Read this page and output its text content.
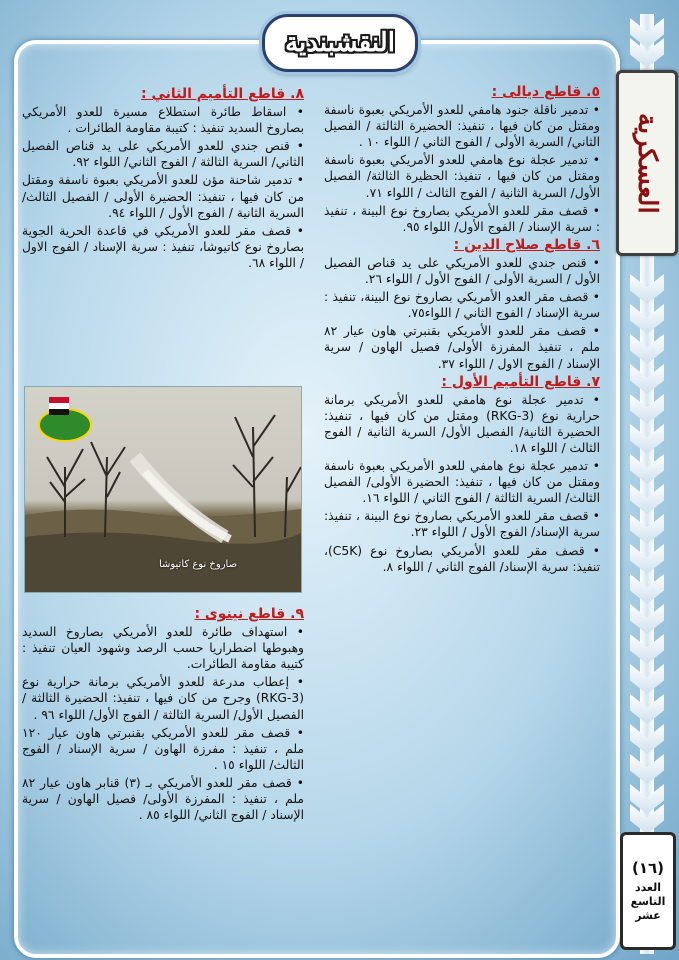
النقشبندية
العسكرية
(١٦)
العدد
التاسع
عشر
٥. قاطع ديالى :
• تدمير ناقلة جنود هامفي للعدو الأمريكي بعبوة ناسفة ومقتل من كان فيها ، تنفيذ: الحضيرة الثالثة / الفصيل الثاني/ السرية الأولى / الفوج الثاني / اللواء ١٠ .
• تدمير عجلة نوع هامفي للعدو الأمريكي بعبوة ناسفة ومقتل من كان فيها ، تنفيذ: الحظيرة الثالثة/ الفصيل الأول/ السرية الثانية / الفوج الثالث / اللواء ٧١.
• قصف مقر للعدو الأمريكي بصاروخ نوع البينة ، تنفيذ : سرية الإسناد / الفوج الأول/ اللواء ٩٥.
٦. قاطع صلاح الدين :
• قنص جندي للعدو الأمريكي على يد قناص الفصيل الأول / السرية الأولى / الفوج الأول / اللواء ٢٦.
• قصف مقر العدو الأمريكي بصاروخ نوع البينة، تنفيذ : سرية الإسناد / الفوج الثاني / اللواء٧٥.
• قصف مقر للعدو الأمريكي بقنبرتي هاون عيار ٨٢ ملم ، تنفيذ المفرزة الأولى/ فصيل الهاون / سرية الإسناد / الفوج الاول / اللواء ٣٧.
٧. قاطع التأميم الأول :
• تدمير عجلة نوع هامفي للعدو الأمريكي برمانة حرارية نوع (RKG-3) ومقتل من كان فيها ، تنفيذ: الحضيرة الثانية/ الفصيل الأول/ السرية الثانية / الفوج الثالث / اللواء ١٨.
• تدمير عجلة نوع هامفي للعدو الأمريكي بعبوة ناسفة ومقتل من كان فيها ، تنفيذ: الحضيرة الأولى/ الفصيل الثالث/ السرية الثالثة / الفوج الثاني / اللواء ١٦.
• قصف مقر للعدو الأمريكي بصاروخ نوع البينة ، تنفيذ: سرية الإسناد/ الفوج الأول / اللواء ٢٣.
• قصف مقر للعدو الأمريكي بصاروخ نوع (C5K)، تنفيذ: سرية الإسناد/ الفوج الثاني / اللواء ٨.
٨. قاطع التأميم الثاني :
• اسقاط طائرة استطلاع مسيرة للعدو الأمريكي بصاروخ السديد تنفيذ : كتيبة مقاومة الطائرات .
• قنص جندي للعدو الأمريكي على يد قناص الفصيل الثاني/ السرية الثالثة / الفوج الثاني/ اللواء ٩٢.
• تدمير شاحنة مؤن للعدو الأمريكي بعبوة ناسفة ومقتل من كان فيها ، تنفيذ: الحضيرة الأولى / الفصيل الثالث/ السرية الثانية / الفوج الأول / اللواء ٩٤.
• قصف مقر للعدو الأمريكي في قاعدة الحرية الجوية بصاروخ نوع كاتيوشا، تنفيذ : سرية الإسناد / الفوج الاول / اللواء ٦٨.
صاروخ نوع كاتيوشا
٩. قاطع نينوى :
• استهداف طائرة للعدو الأمريكي بصاروخ السديد وهبوطها اضطراريا حسب الرصد وشهود العيان تنفيذ : كتيبة مقاومة الطائرات.
• إعطاب مدرعة للعدو الأمريكي برمانة حرارية نوع (RKG-3) وجرح من كان فيها ، تنفيذ: الحضيرة الثالثة / الفصيل الأول/ السرية الثالثة / الفوج الأول/ اللواء ٩٦ .
• قصف مقر للعدو الأمريكي بقنبرتي هاون عيار ١٢٠ ملم ، تنفيذ : مفرزة الهاون / سرية الإسناد / الفوج الثالث/ اللواء ١٥ .
• قصف مقر للعدو الأمريكي بـ (٣) قنابر هاون عيار ٨٢ ملم ، تنفيذ : المفرزة الأولى/ فصيل الهاون / سرية الإسناد / الفوج الثاني/ اللواء ٨٥ .
